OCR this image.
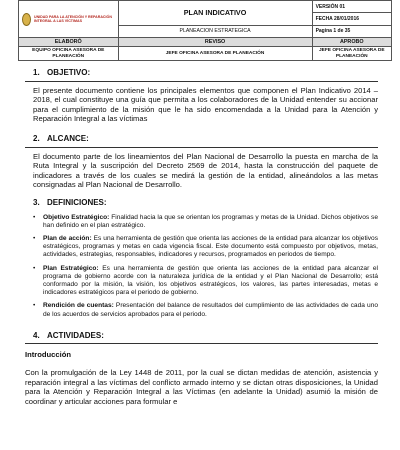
UNIDAD PARA LA ATENCIÓN Y REPARACIÓN INTEGRAL A LAS VÍCTIMAS	PLAN INDICATIVO	VERSIÓN 01
		FECHA 28/01/2016
	PLANEACION ESTRATEGICA	Pagina 1 de 35
ELABORÓ	REVISO	APROBO
EQUIPO OFICINA ASESORA DE PLANEACIÓN	JEFE OFICINA ASESORA DE PLANEACIÓN	JEFE OFICINA ASESORA DE PLANEACIÓN
1. OBJETIVO:

El presente documento contiene los principales elementos que componen el Plan Indicativo 2014 – 2018, el cual constituye una guía que permita a los colaboradores de la Unidad entender su accionar para el cumplimiento de la misión que le ha sido encomendada a la Unidad para la Atención y Reparación Integral a las víctimas

2. ALCANCE:

El documento parte de los lineamientos del Plan Nacional de Desarrollo la puesta en marcha de la Ruta Integral y la suscripción del Decreto 2569 de 2014, hasta la construcción del paquete de indicadores a través de los cuales se medirá la gestión de la entidad, alineándolos a las metas consignadas al Plan Nacional de Desarrollo.

3. DEFINICIONES:
• Objetivo Estratégico: Finalidad hacia la que se orientan los programas y metas de la Unidad. Dichos objetivos se han definido en el plan estratégico.
• Plan de acción: Es una herramienta de gestión que orienta las acciones de la entidad para alcanzar los objetivos estratégicos, programas y metas en cada vigencia fiscal. Este documento está compuesto por objetivos, metas, actividades, estrategias, responsables, indicadores y recursos, programados en periodos de tiempo.
• Plan Estratégico: Es una herramienta de gestión que orienta las acciones de la entidad para alcanzar el programa de gobierno acorde con la naturaleza jurídica de la entidad y el Plan Nacional de Desarrollo; está conformado por la misión, la visión, los objetivos estratégicos, los valores, las partes interesadas, metas e indicadores estratégicos para el periodo de gobierno.
• Rendición de cuentas: Presentación del balance de resultados del cumplimiento de las actividades de cada uno de los acuerdos de servicios aprobados para el periodo.
4. ACTIVIDADES:
Introducción

Con la promulgación de la Ley 1448 de 2011, por la cual se dictan medidas de atención, asistencia y reparación integral a las víctimas del conflicto armado interno y se dictan otras disposiciones, la Unidad para la Atención y Reparación Integral a las Víctimas (en adelante la Unidad) asumió la misión de coordinar y articular acciones para formular e
